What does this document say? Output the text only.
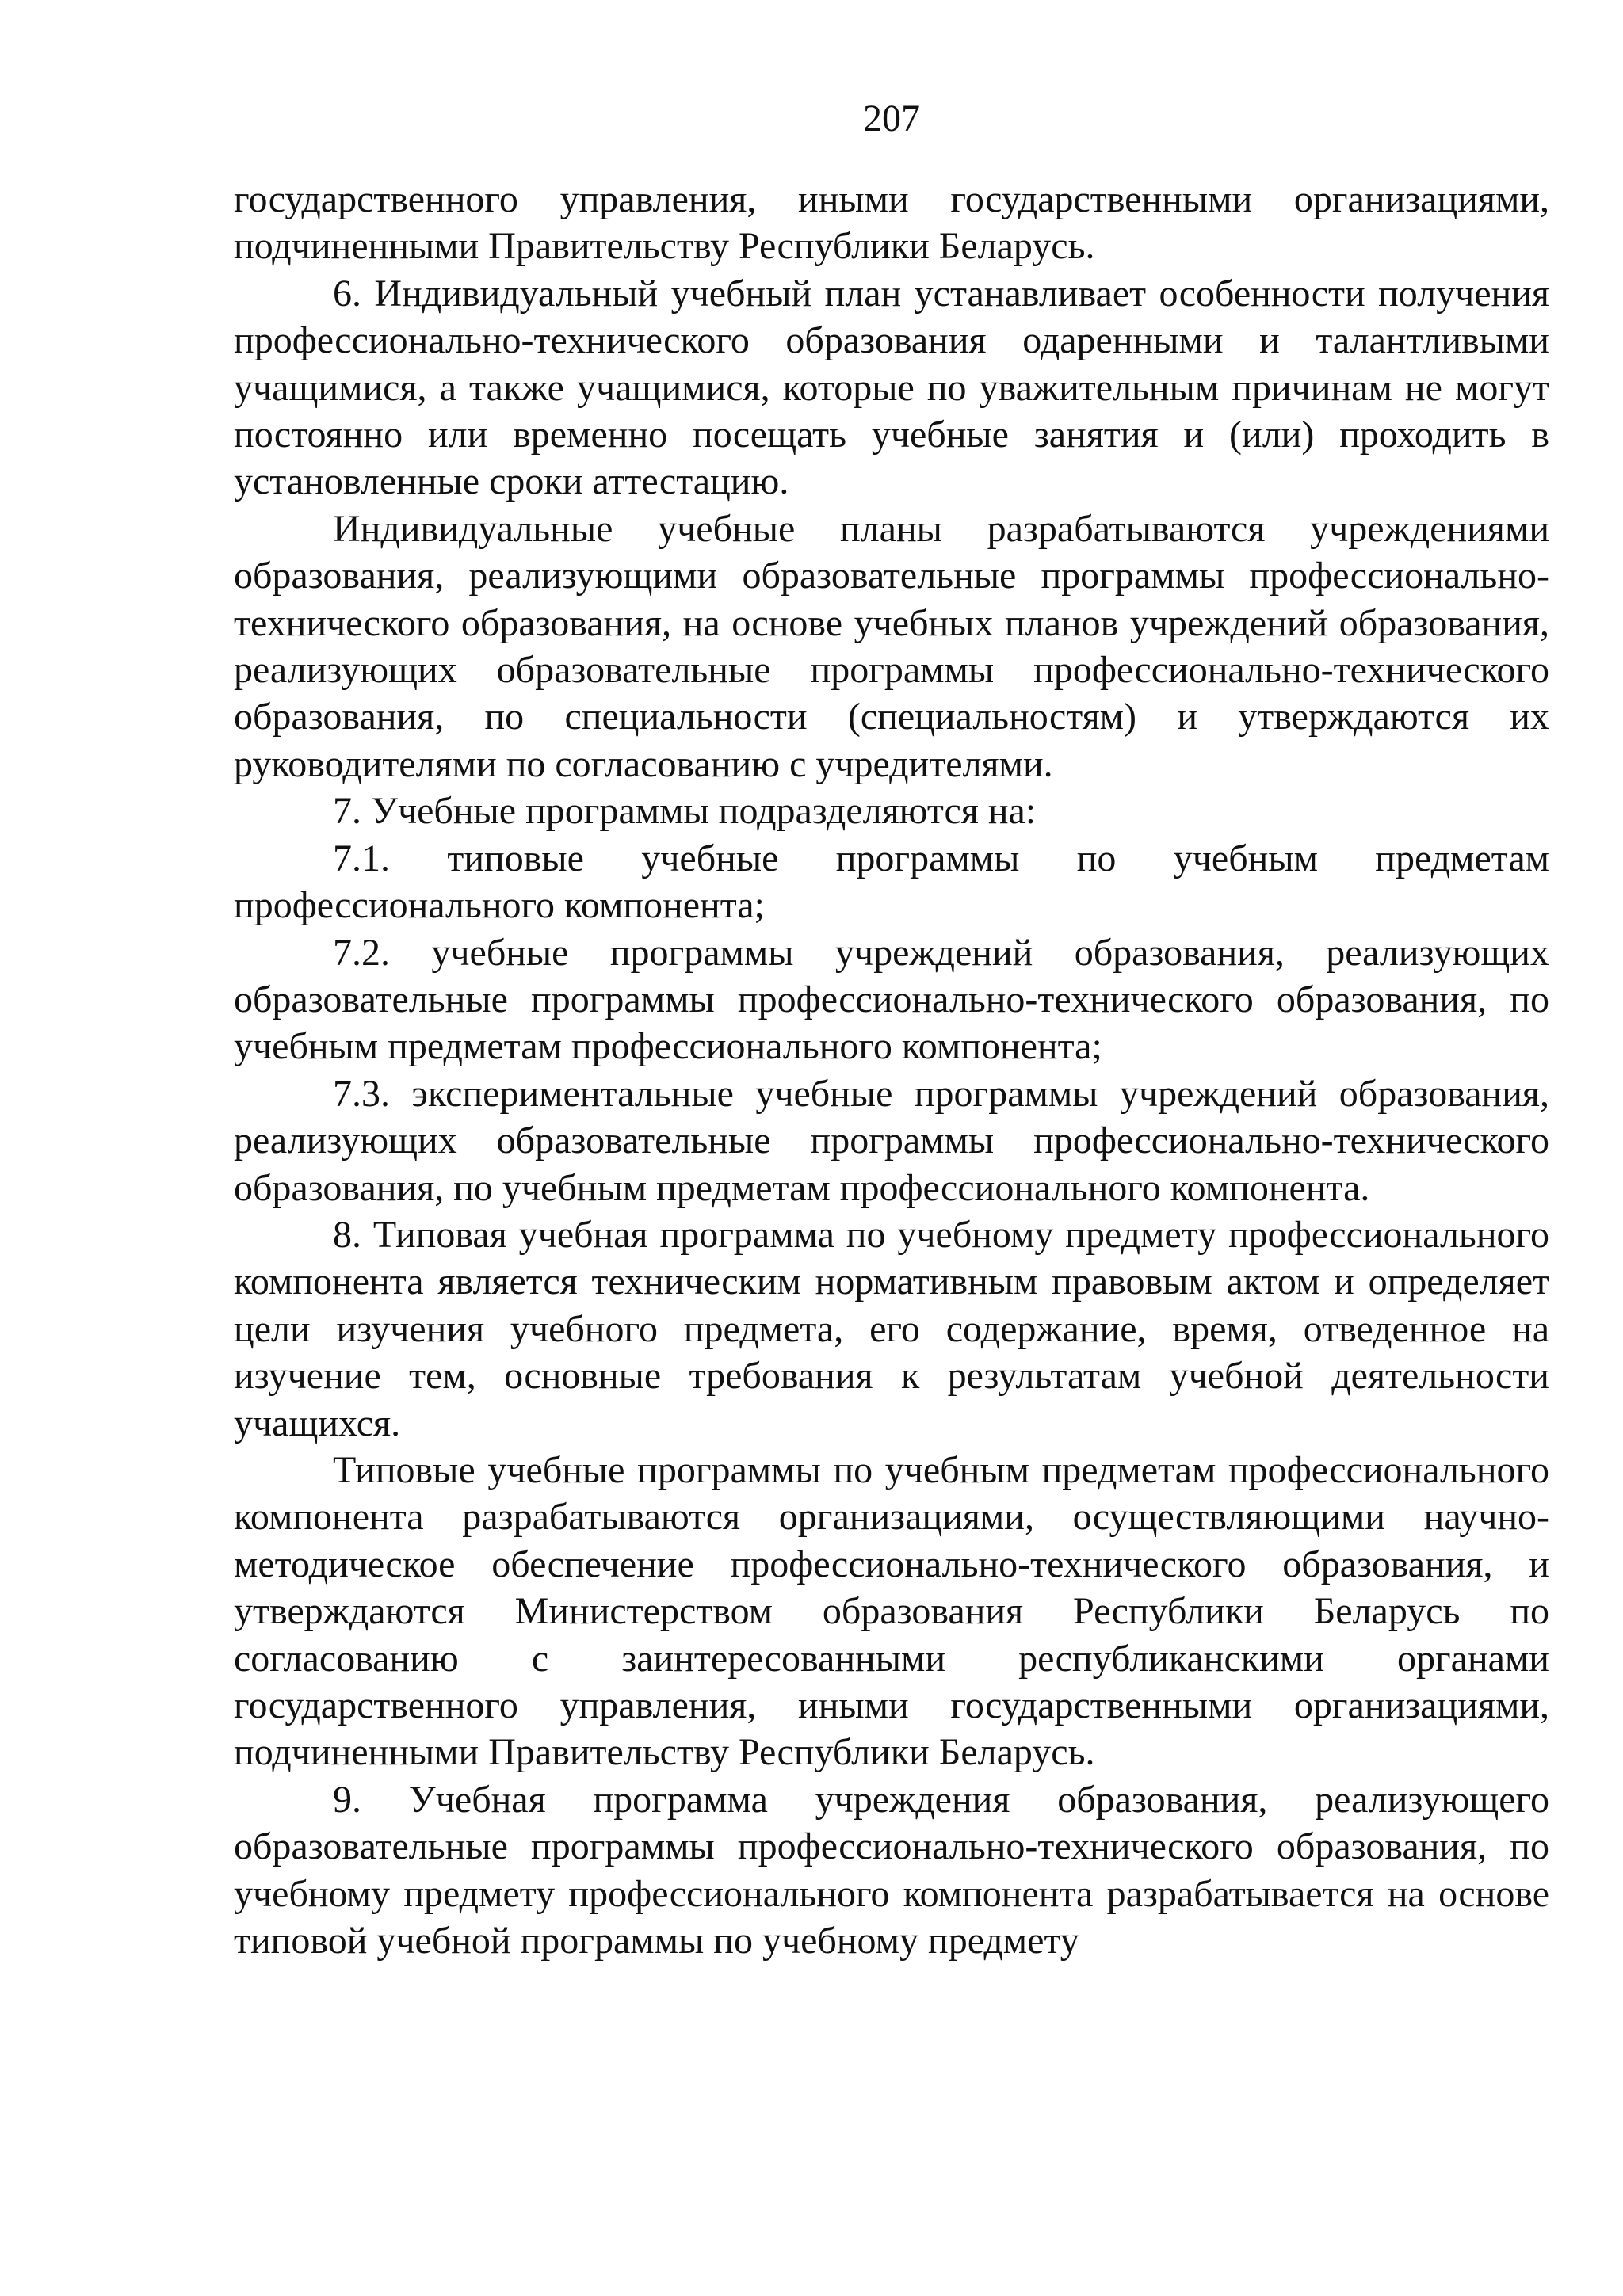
207

государственного управления, иными государственными организациями, подчиненными Правительству Республики Беларусь.

6. Индивидуальный учебный план устанавливает особенности получения профессионально-технического образования одаренными и талантливыми учащимися, а также учащимися, которые по уважительным причинам не могут постоянно или временно посещать учебные занятия и (или) проходить в установленные сроки аттестацию.

Индивидуальные учебные планы разрабатываются учреждениями образования, реализующими образовательные программы профессионально-технического образования, на основе учебных планов учреждений образования, реализующих образовательные программы профессионально-технического образования, по специальности (специальностям) и утверждаются их руководителями по согласованию с учредителями.

7. Учебные программы подразделяются на:

7.1. типовые учебные программы по учебным предметам профессионального компонента;

7.2. учебные программы учреждений образования, реализующих образовательные программы профессионально-технического образования, по учебным предметам профессионального компонента;

7.3. экспериментальные учебные программы учреждений образования, реализующих образовательные программы профессионально-технического образования, по учебным предметам профессионального компонента.

8. Типовая учебная программа по учебному предмету профессионального компонента является техническим нормативным правовым актом и определяет цели изучения учебного предмета, его содержание, время, отведенное на изучение тем, основные требования к результатам учебной деятельности учащихся.

Типовые учебные программы по учебным предметам профессионального компонента разрабатываются организациями, осуществляющими научно-методическое обеспечение профессионально-технического образования, и утверждаются Министерством образования Республики Беларусь по согласованию с заинтересованными республиканскими органами государственного управления, иными государственными организациями, подчиненными Правительству Республики Беларусь.

9. Учебная программа учреждения образования, реализующего образовательные программы профессионально-технического образования, по учебному предмету профессионального компонента разрабатывается на основе типовой учебной программы по учебному предмету
